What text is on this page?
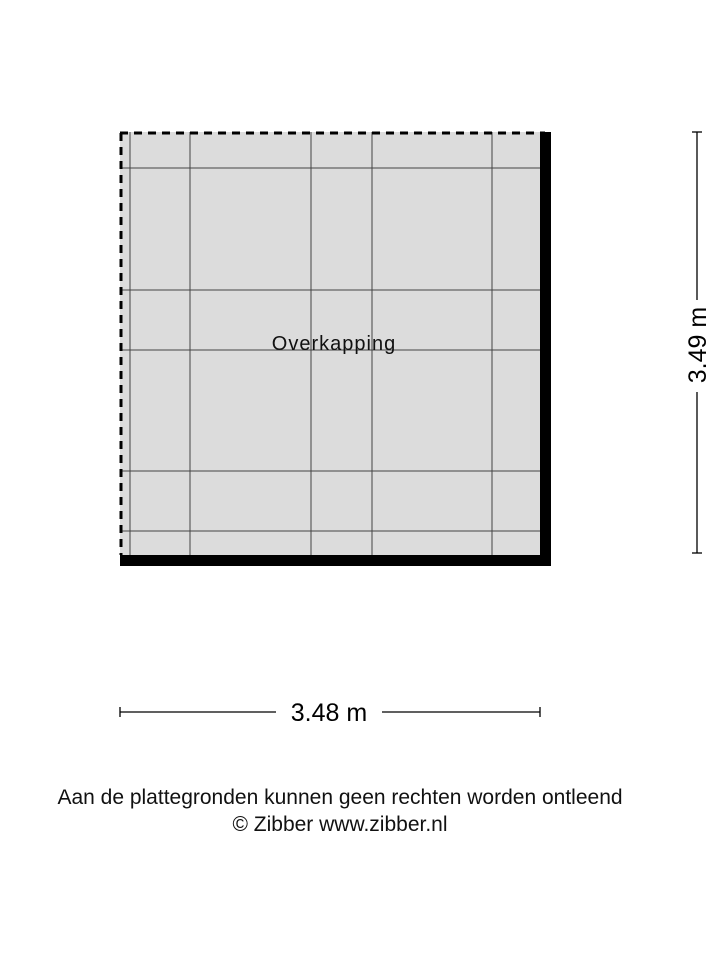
Overkapping	3.49 m
3.48 m
Aan de plattegronden kunnen geen rechten worden ontleend
© Zibber www.zibber.nl
